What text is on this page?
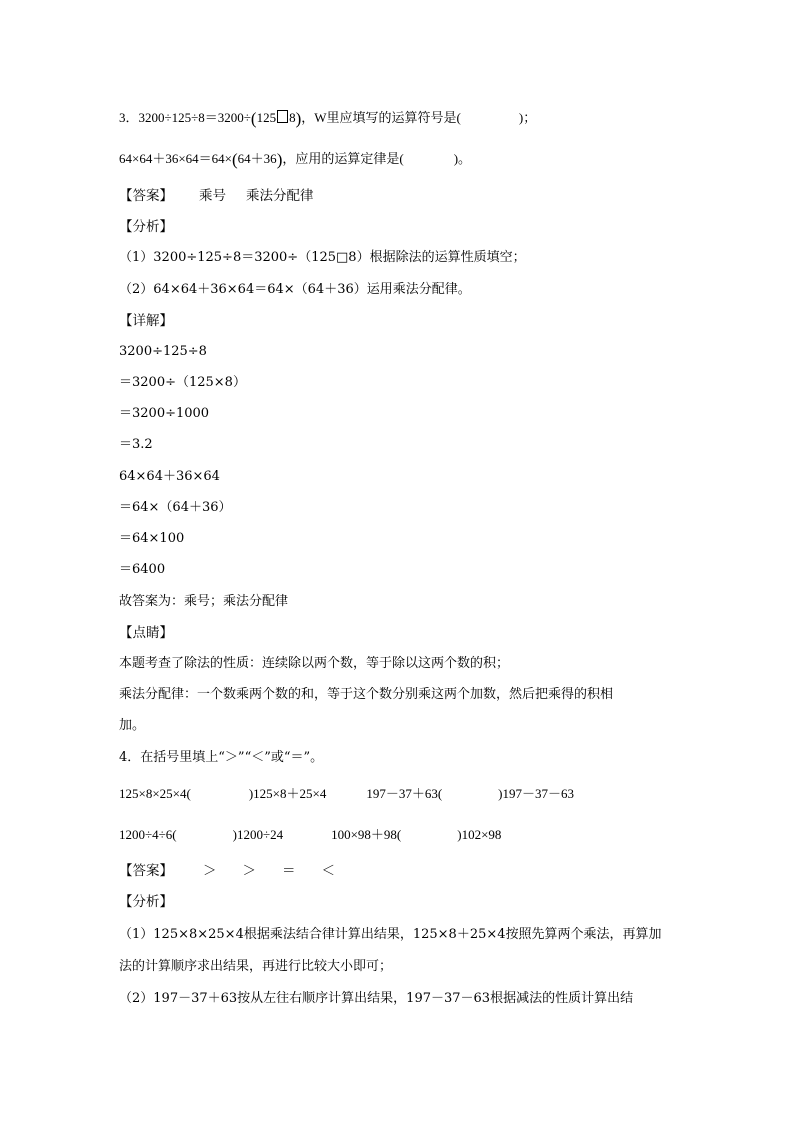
3．3200÷125÷8＝3200÷(125 8)，W里应填写的运算符号是(	)；
64×64＋36×64＝64×(64＋36)，应用的运算定律是(	)。
【答案】 乘号 乘法分配律
【分析】
（1）3200÷125÷8＝3200÷（125□8）根据除法的运算性质填空；
（2）64×64＋36×64＝64×（64＋36）运用乘法分配律。
【详解】
3200÷125÷8
＝3200÷（125×8）
＝3200÷1000
＝3.2
64×64＋36×64
＝64×（64＋36）
＝64×100
＝6400
故答案为：乘号；乘法分配律
【点睛】
本题考查了除法的性质：连续除以两个数，等于除以这两个数的积；
乘法分配律：一个数乘两个数的和，等于这个数分别乘这两个加数，然后把乘得的积相
加。
4．在括号里填上“＞”“＜”或“＝”。
125×8×25×4(	)125×8＋25×4	197－37＋63(	)197－37－63
1200÷4÷6(	)1200÷24	100×98＋98(	)102×98
【答案】 ＞ ＞ ＝ ＜
【分析】
（1）125×8×25×4根据乘法结合律计算出结果，125×8＋25×4按照先算两个乘法，再算加
法的计算顺序求出结果，再进行比较大小即可；
（2）197－37＋63按从左往右顺序计算出结果，197－37－63根据减法的性质计算出结
